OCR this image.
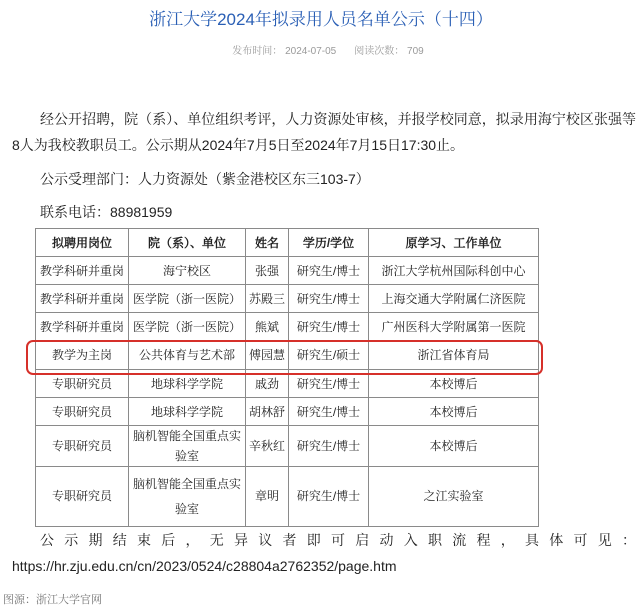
浙江大学2024年拟录用人员名单公示（十四）
发布时间： 2024-07-05 阅读次数： 709

经公开招聘，院（系）、单位组织考评，人力资源处审核，并报学校同意，拟录用海宁校区张强等8人为我校教职员工。公示期从2024年7月5日至2024年7月15日17:30止。

公示受理部门：人力资源处（紫金港校区东三103-7）
联系电话：88981959
拟聘用岗位	院（系）、单位	姓名	学历/学位	原学习、工作单位
教学科研并重岗	海宁校区	张强	研究生/博士	浙江大学杭州国际科创中心
教学科研并重岗	医学院（浙一医院）	苏殿三	研究生/博士	上海交通大学附属仁济医院
教学科研并重岗	医学院（浙一医院）	熊斌	研究生/博士	广州医科大学附属第一医院
教学为主岗	公共体育与艺术部	傅园慧	研究生/硕士	浙江省体育局
专职研究员	地球科学学院	戚劲	研究生/博士	本校博后
专职研究员	地球科学学院	胡林舒	研究生/博士	本校博后
专职研究员	脑机智能全国重点实验室	辛秋红	研究生/博士	本校博后
专职研究员	脑机智能全国重点实验室	章明	研究生/博士	之江实验室

公示期结束后，无异议者即可启动入职流程，具体可见：https://hr.zju.edu.cn/cn/2023/0524/c28804a2762352/page.htm

图源：浙江大学官网
